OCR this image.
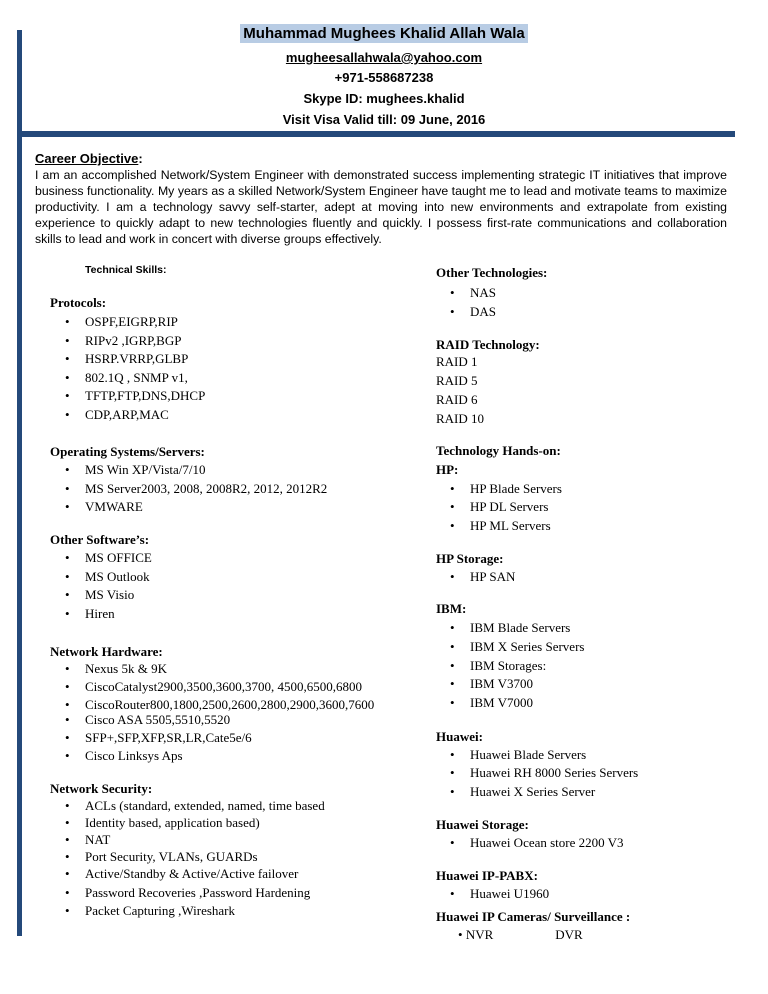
Muhammad Mughees Khalid Allah Wala
mugheesallahwala@yahoo.com
+971-558687238
Skype ID: mughees.khalid
Visit Visa Valid till: 09 June, 2016
Career Objective:
I am an accomplished Network/System Engineer with demonstrated success implementing strategic IT initiatives that improve business functionality. My years as a skilled Network/System Engineer have taught me to lead and motivate teams to maximize productivity. I am a technology savvy self-starter, adept at moving into new environments and extrapolate from existing experience to quickly adapt to new technologies fluently and quickly. I possess first-rate communications and collaboration skills to lead and work in concert with diverse groups effectively.
Technical Skills:
Protocols:
• OSPF,EIGRP,RIP
• RIPv2 ,IGRP,BGP
• HSRP.VRRP,GLBP
• 802.1Q , SNMP v1,
• TFTP,FTP,DNS,DHCP
• CDP,ARP,MAC
Operating Systems/Servers:
• MS Win XP/Vista/7/10
• MS Server2003, 2008, 2008R2, 2012, 2012R2
• VMWARE
Other Software’s:
• MS OFFICE
• MS Outlook
• MS Visio
• Hiren
Network Hardware:
• Nexus 5k & 9K
• CiscoCatalyst2900,3500,3600,3700, 4500,6500,6800
• CiscoRouter800,1800,2500,2600,2800,2900,3600,7600
• Cisco ASA 5505,5510,5520
• SFP+,SFP,XFP,SR,LR,Cate5e/6
• Cisco Linksys Aps
Network Security:
• ACLs (standard, extended, named, time based
• Identity based, application based)
• NAT
• Port Security, VLANs, GUARDs
• Active/Standby & Active/Active failover
• Password Recoveries ,Password Hardening
• Packet Capturing ,Wireshark
Other Technologies:
• NAS
• DAS
RAID Technology:
RAID 1
RAID 5
RAID 6
RAID 10
Technology Hands-on:
HP:
• HP Blade Servers
• HP DL Servers
• HP ML Servers
HP Storage:
• HP SAN
IBM:
• IBM Blade Servers
• IBM X Series Servers
• IBM Storages:
• IBM V3700
• IBM V7000
Huawei:
• Huawei Blade Servers
• Huawei RH 8000 Series Servers
• Huawei X Series Server
Huawei Storage:
• Huawei Ocean store 2200 V3
Huawei IP-PABX:
• Huawei U1960
Huawei IP Cameras/ Surveillance :
• NVR	DVR
